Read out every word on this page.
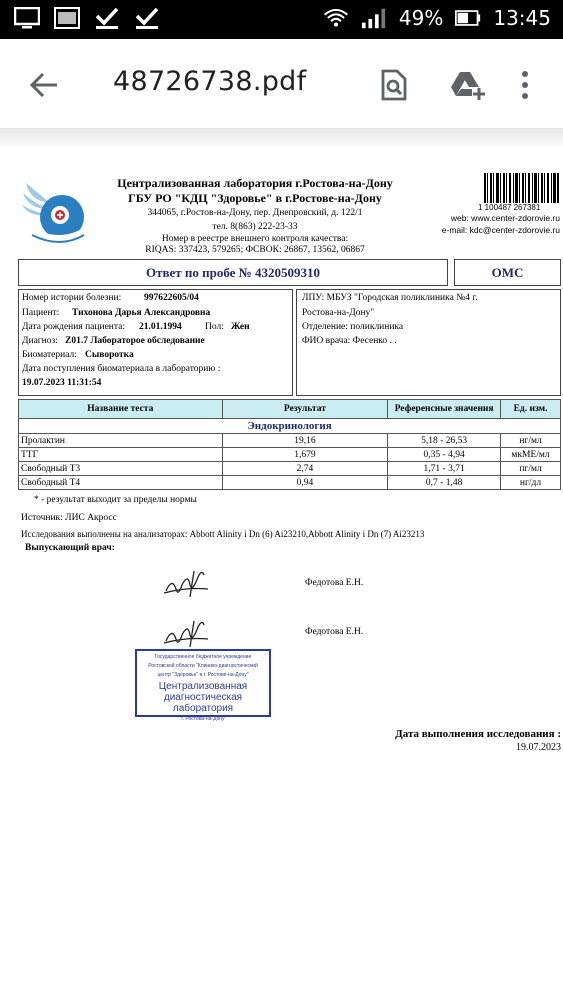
49%	13:45
48726738.pdf
Централизованная лаборатория г.Ростова-на-Дону
ГБУ РО "КДЦ "Здоровье" в г.Ростове-на-Дону
344065, г.Ростов-на-Дону, пер. Днепровский, д. 122/1
тел. 8(863) 222-23-33
Номер в реестре внешнего контроля качества:
RIQAS: 337423, 579265; ФСВОК: 26867, 13562, 06867
1 100487 267381
web: www.center-zdorovie.ru
e-mail: kdc@center-zdorovie.ru
Ответ по пробе № 4320509310	ОМС
Номер истории болезни: 997622605/04
Пациент: Тихонова Дарья Александровна
Дата рождения пациента: 21.01.1994 Пол: Жен
Диагноз: Z01.7 Лабораторое обследование
Биоматериал: Сыворотка
Дата поступления биоматериала в лабораторию :
19.07.2023 11:31:54
ЛПУ: МБУЗ "Городская поликлиника №4 г.
Ростова-на-Дону"
Отделение: поликлиника
ФИО врача: Фесенко . .
Название теста	Результат	Референсные значения	Ед. изм.
Эндокринология			
Пролактин	19,16	5,18 - 26,53	нг/мл
ТТГ	1,679	0,35 - 4,94	мкМЕ/мл
Свободный Т3	2,74	1,71 - 3,71	пг/мл
Свободный Т4	0,94	0,7 - 1,48	нг/дл
* - результат выходит за пределы нормы
Источник: ЛИС Акросс
Исследования выполнены на анализаторах: Abbott Alinity i Dn (6) Ai23210,Abbott Alinity i Dn (7) Ai23213
Выпускающий врач:
Федотова Е.Н.
Федотова Е.Н.
Государственное бюджетное учреждение
Ростовской области "Клинико-диагностический
центр "Здоровье" в г. Ростове-на-Дону"
Централизованная
диагностическая
лаборатория
г. Ростова-на-Дону
Дата выполнения исследования :
19.07.2023
